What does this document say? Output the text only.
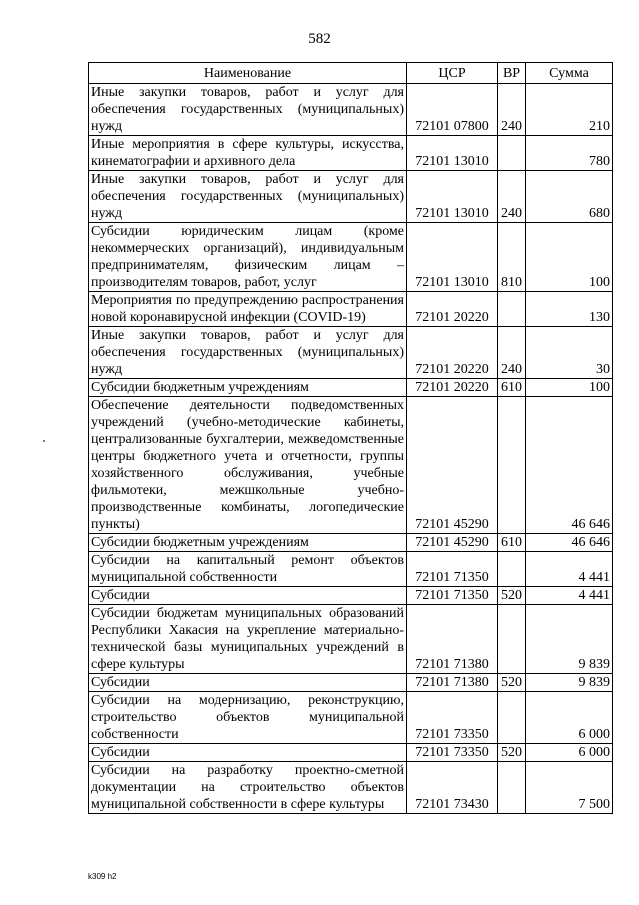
582
Наименование	ЦСР	ВР	Сумма
Иные закупки товаров, работ и услуг для обеспечения государственных (муниципальных) нужд	72101 07800	240	210
Иные мероприятия в сфере культуры, искусства, кинематографии и архивного дела	72101 13010		780
Иные закупки товаров, работ и услуг для обеспечения государственных (муниципальных) нужд	72101 13010	240	680
Субсидии юридическим лицам (кроме некоммерческих организаций), индивидуальным предпринимателям, физическим лицам – производителям товаров, работ, услуг	72101 13010	810	100
Мероприятия по предупреждению распространения новой коронавирусной инфекции (COVID-19)	72101 20220		130
Иные закупки товаров, работ и услуг для обеспечения государственных (муниципальных) нужд	72101 20220	240	30
Субсидии бюджетным учреждениям	72101 20220	610	100
Обеспечение деятельности подведомственных учреждений (учебно-методические кабинеты, централизованные бухгалтерии, межведомственные центры бюджетного учета и отчетности, группы хозяйственного обслуживания, учебные фильмотеки, межшкольные учебно-производственные комбинаты, логопедические пункты)	72101 45290		46 646
Субсидии бюджетным учреждениям	72101 45290	610	46 646
Субсидии на капитальный ремонт объектов муниципальной собственности	72101 71350		4 441
Субсидии	72101 71350	520	4 441
Субсидии бюджетам муниципальных образований Республики Хакасия на укрепление материально-технической базы муниципальных учреждений в сфере культуры	72101 71380		9 839
Субсидии	72101 71380	520	9 839
Субсидии на модернизацию, реконструкцию, строительство объектов муниципальной собственности	72101 73350		6 000
Субсидии	72101 73350	520	6 000
Субсидии на разработку проектно-сметной документации на строительство объектов муниципальной собственности в сфере культуры	72101 73430		7 500
k309 h2
